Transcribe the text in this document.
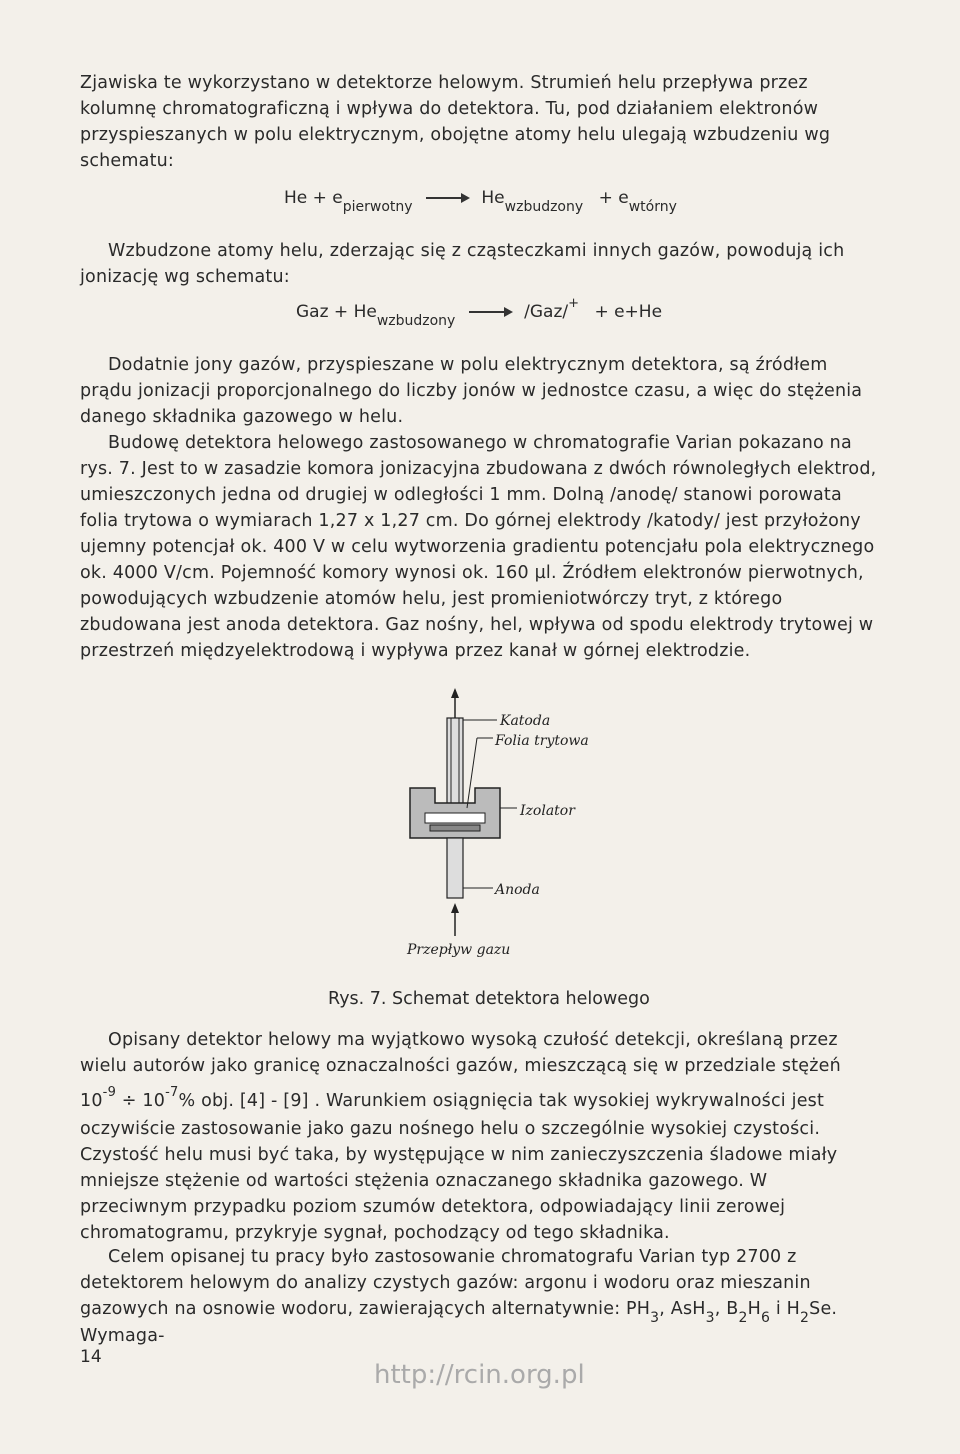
Zjawiska te wykorzystano w detektorze helowym. Strumień helu przepływa przez kolumnę chromatograficzną i wpływa do detektora. Tu, pod działaniem elektronów przyspieszanych w polu elektrycznym, obojętne atomy helu ulegają wzbudzeniu wg schematu:

$He + e_{pierwotny}$	$He_{wzbudzony} + e_{wtórny}$

Wzbudzone atomy helu, zderzając się z cząsteczkami innych gazów, powodują ich jonizację wg schematu:

Gaz + $He_{wzbudzony}$	/Gaz/+ + e+He

Dodatnie jony gazów, przyspieszane w polu elektrycznym detektora, są źródłem prądu jonizacji proporcjonalnego do liczby jonów w jednostce czasu, a więc do stężenia danego składnika gazowego w helu.

Budowę detektora helowego zastosowanego w chromatografie Varian pokazano na rys. 7. Jest to w zasadzie komora jonizacyjna zbudowana z dwóch równoległych elektrod, umieszczonych jedna od drugiej w odległości 1 mm. Dolną /anodę/ stanowi porowata folia trytowa o wymiarach 1,27 x 1,27 cm. Do górnej elektrody /katody/ jest przyłożony ujemny potencjał ok. 400 V w celu wytworzenia gradientu potencjału pola elektrycznego ok. 4000 V/cm. Pojemność komory wynosi ok. 160 µl. Źródłem elektronów pierwotnych, powodujących wzbudzenie atomów helu, jest promieniotwórczy tryt, z którego zbudowana jest anoda detektora. Gaz nośny, hel, wpływa od spodu elektrody trytowej w przestrzeń międzyelektrodową i wypływa przez kanał w górnej elektrodzie.

Katoda
Folia trytowa
Izolator
Anoda
Przepływ gazu
Rys. 7. Schemat detektora helowego

Opisany detektor helowy ma wyjątkowo wysoką czułość detekcji, określaną przez wielu autorów jako granicę oznaczalności gazów, mieszczącą się w przedziale stężeń

$10^{-9} \div 10^{-7}\%$ obj. [4] - [9] . Warunkiem osiągnięcia tak wysokiej wykrywalności jest oczywiście zastosowanie jako gazu nośnego helu o szczególnie wysokiej czystości. Czystość helu musi być taka, by występujące w nim zanieczyszczenia śladowe miały mniejsze stężenie od wartości stężenia oznaczanego składnika gazowego. W przeciwnym przypadku poziom szumów detektora, odpowiadający linii zerowej chromatogramu, przykryje sygnał, pochodzący od tego składnika.

Celem opisanej tu pracy było zastosowanie chromatografu Varian typ 2700 z detektorem helowym do analizy czystych gazów: argonu i wodoru oraz mieszanin gazowych na osnowie wodoru, zawierających alternatywnie: $PH_3$, AsH$_3$, $B_2H_6$ i $H_2Se$. Wymaga-

14
http://rcin.org.pl
